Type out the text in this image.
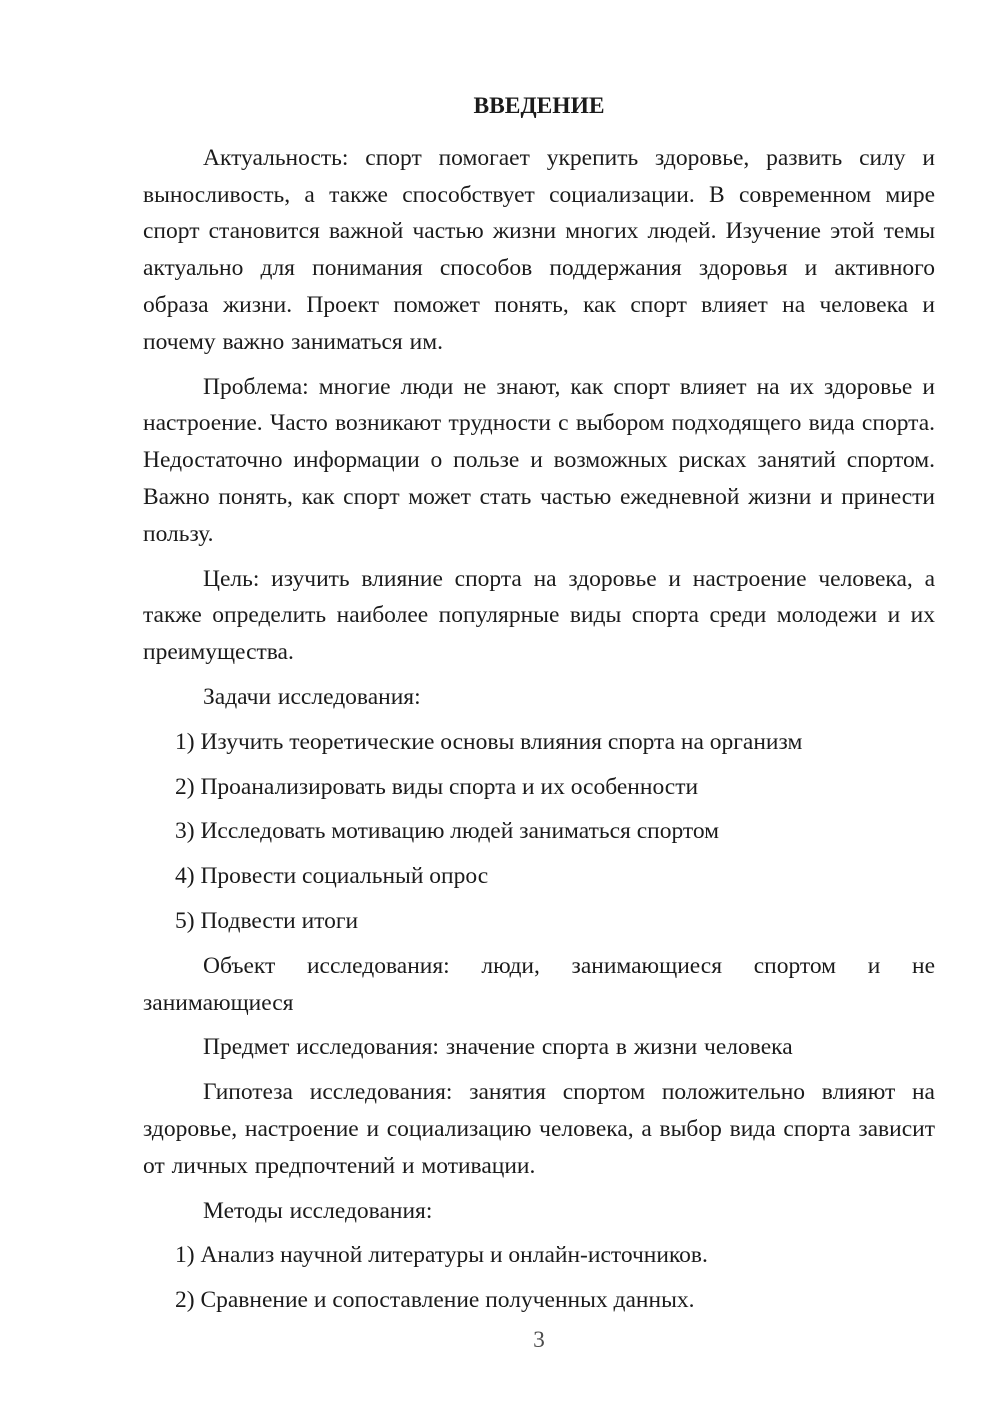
ВВЕДЕНИЕ

Актуальность: спорт помогает укрепить здоровье, развить силу и выносливость, а также способствует социализации. В современном мире спорт становится важной частью жизни многих людей. Изучение этой темы актуально для понимания способов поддержания здоровья и активного образа жизни. Проект поможет понять, как спорт влияет на человека и почему важно заниматься им.

Проблема: многие люди не знают, как спорт влияет на их здоровье и настроение. Часто возникают трудности с выбором подходящего вида спорта. Недостаточно информации о пользе и возможных рисках занятий спортом. Важно понять, как спорт может стать частью ежедневной жизни и принести пользу.

Цель: изучить влияние спорта на здоровье и настроение человека, а также определить наиболее популярные виды спорта среди молодежи и их преимущества.

Задачи исследования:

1) Изучить теоретические основы влияния спорта на организм

2) Проанализировать виды спорта и их особенности

3) Исследовать мотивацию людей заниматься спортом

4) Провести социальный опрос

5) Подвести итоги

Объект исследования: люди, занимающиеся спортом и не занимающиеся

Предмет исследования: значение спорта в жизни человека

Гипотеза исследования: занятия спортом положительно влияют на здоровье, настроение и социализацию человека, а выбор вида спорта зависит от личных предпочтений и мотивации.

Методы исследования:

1) Анализ научной литературы и онлайн-источников.

2) Сравнение и сопоставление полученных данных.

3
